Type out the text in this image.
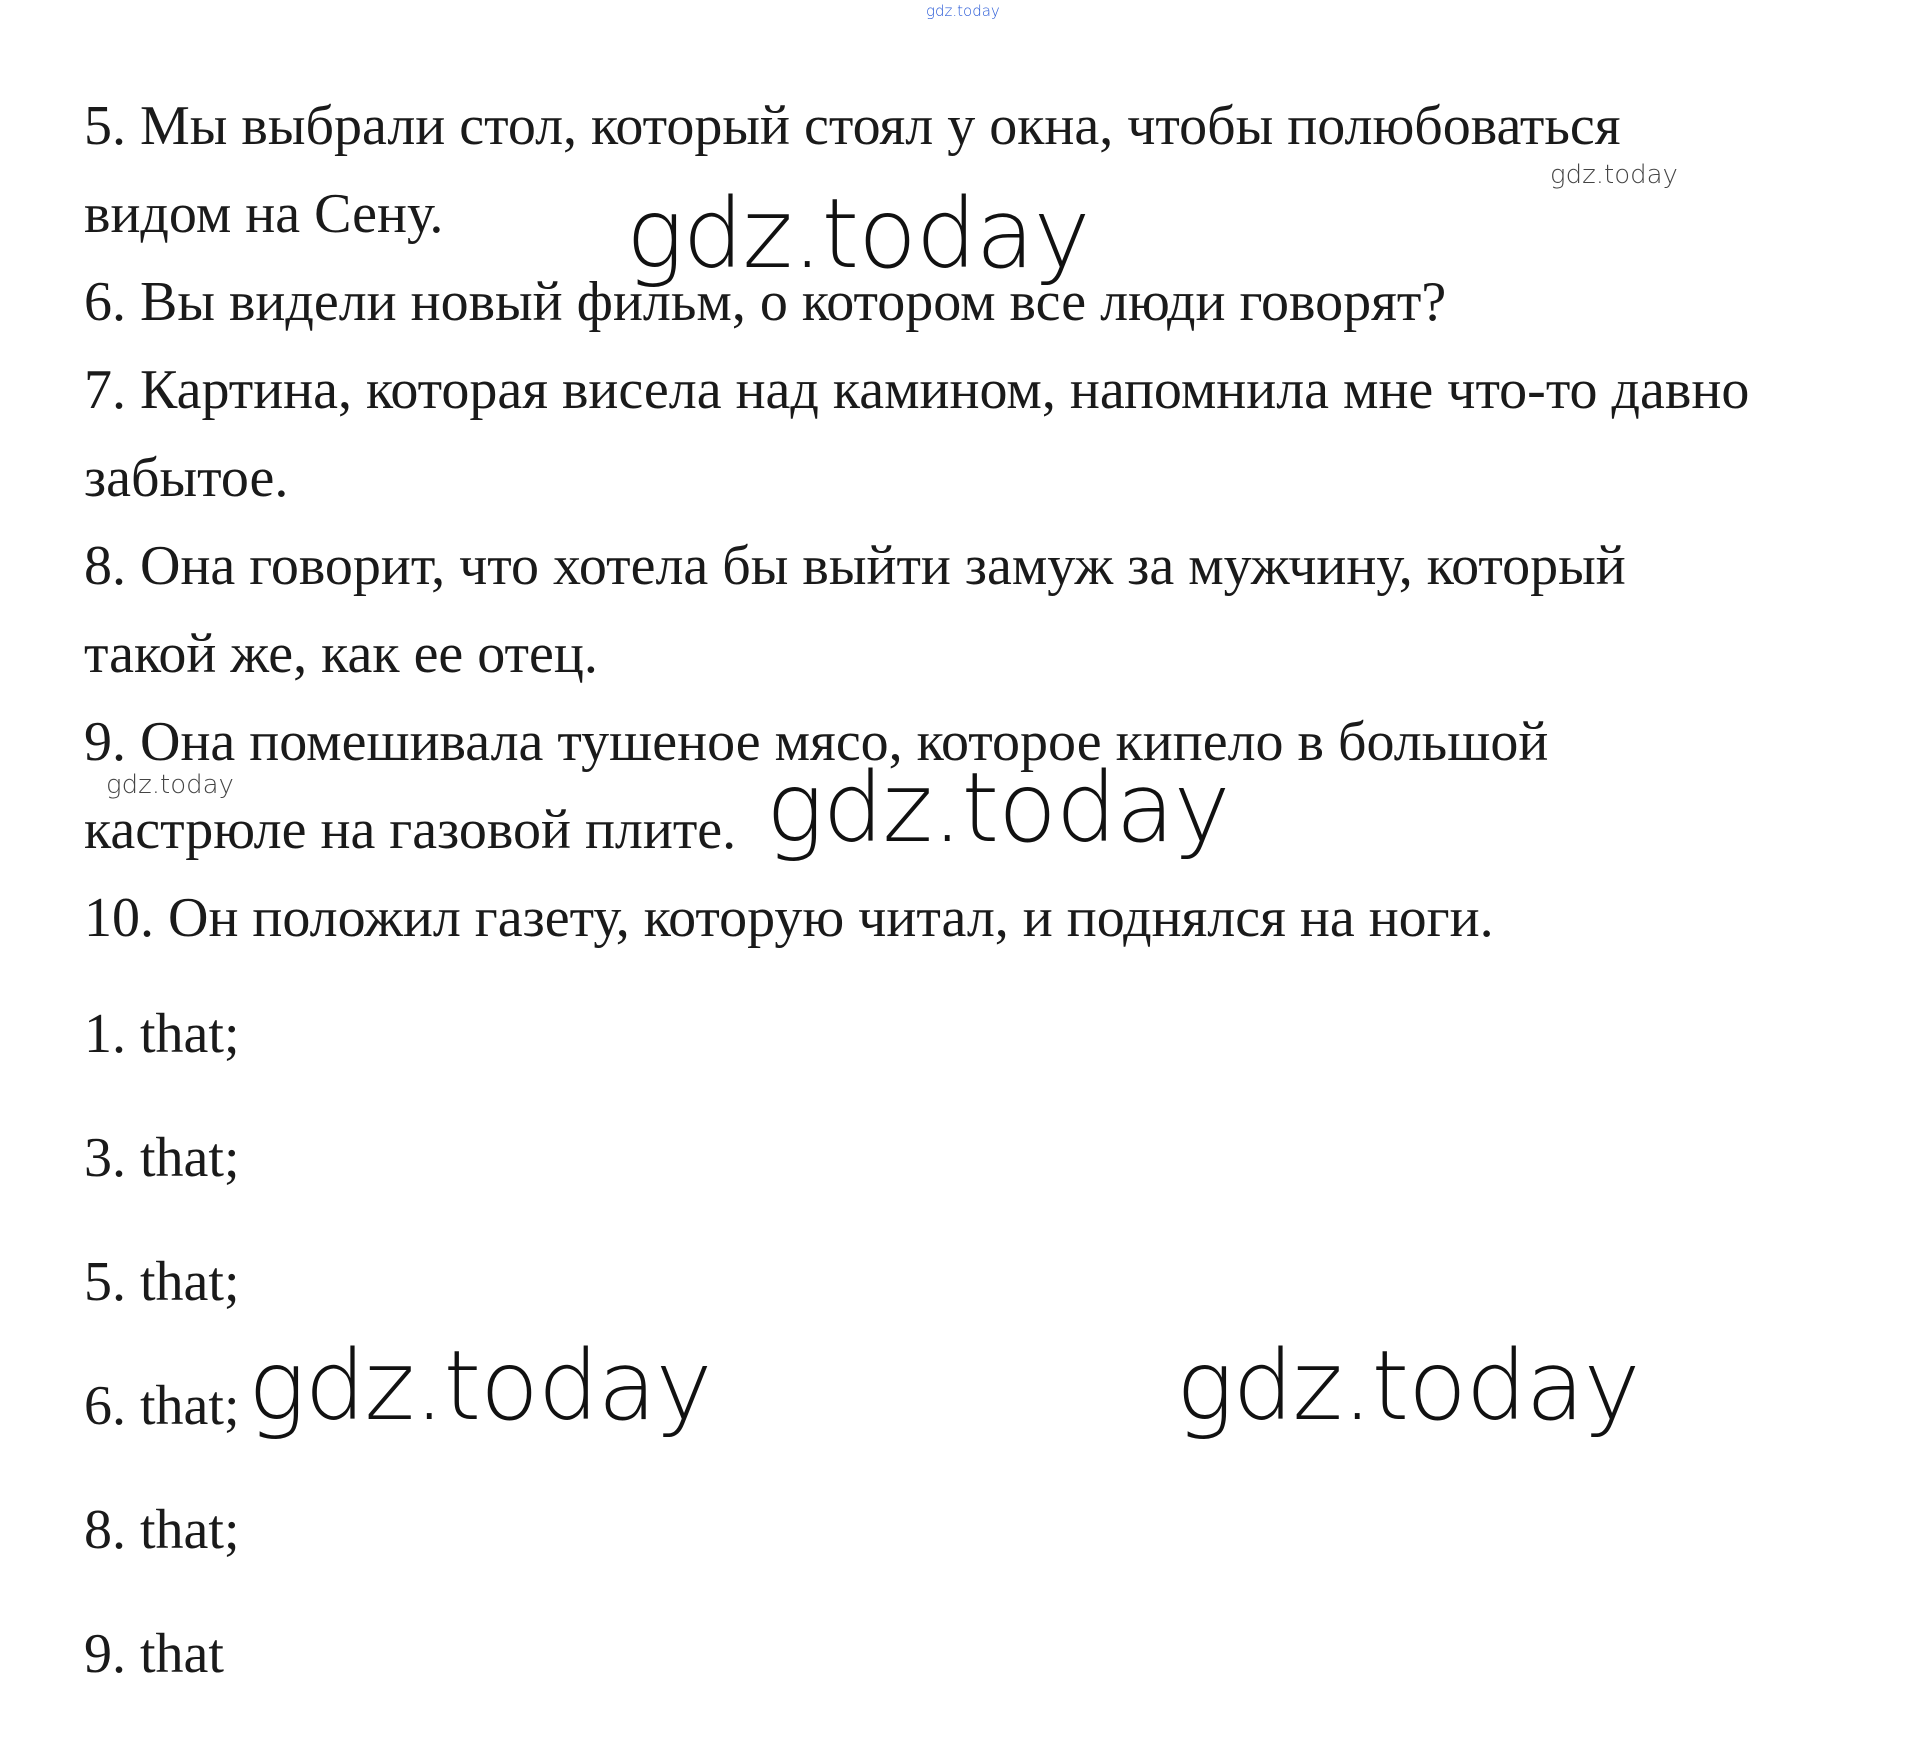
gdz.today
5. Мы выбрали стол, который стоял у окна, чтобы полюбоваться видом на Сену.
6. Вы видели новый фильм, о котором все люди говорят?
7. Картина, которая висела над камином, напомнила мне что-то давно забытое.
8. Она говорит, что хотела бы выйти замуж за мужчину, который такой же, как ее отец.
9. Она помешивала тушеное мясо, которое кипело в большой кастрюле на газовой плите.
10. Он положил газету, которую читал, и поднялся на ноги.
1. that;
3. that;
5. that;
6. that;
8. that;
9. that
gdz.today
gdz.today
gdz.today
gdz.today
gdz.today	gdz.today
